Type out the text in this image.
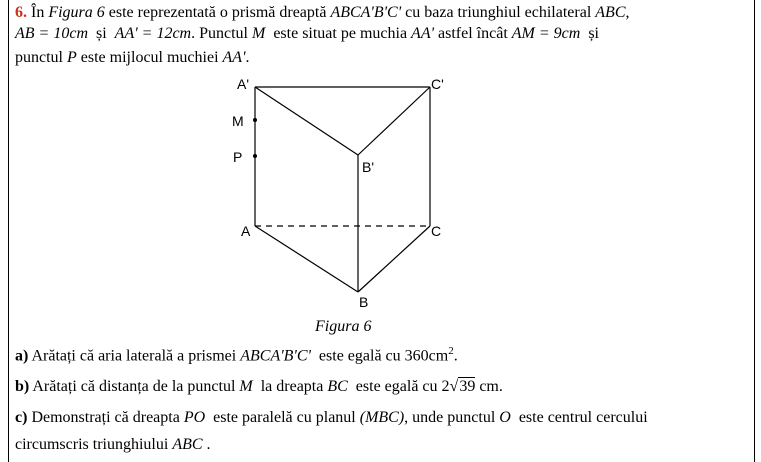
6. În Figura 6 este reprezentată o prismă dreaptă ABCA'B'C' cu baza triunghiul echilateral ABC,
AB = 10cm și AA' = 12cm. Punctul M este situat pe muchia AA' astfel încât AM = 9cm și
punctul P este mijlocul muchiei AA'.
A'	C'
M
P
B'
A	C
B
Figura 6
a) Arătați că aria laterală a prismei ABCA'B'C' este egală cu $360cm^2$.
b) Arătați că distanța de la punctul M la dreapta BC este egală cu 2√39 cm.
c) Demonstrați că dreapta PO este paralelă cu planul (MBC), unde punctul O este centrul cercului
circumscris triunghiului ABC .
